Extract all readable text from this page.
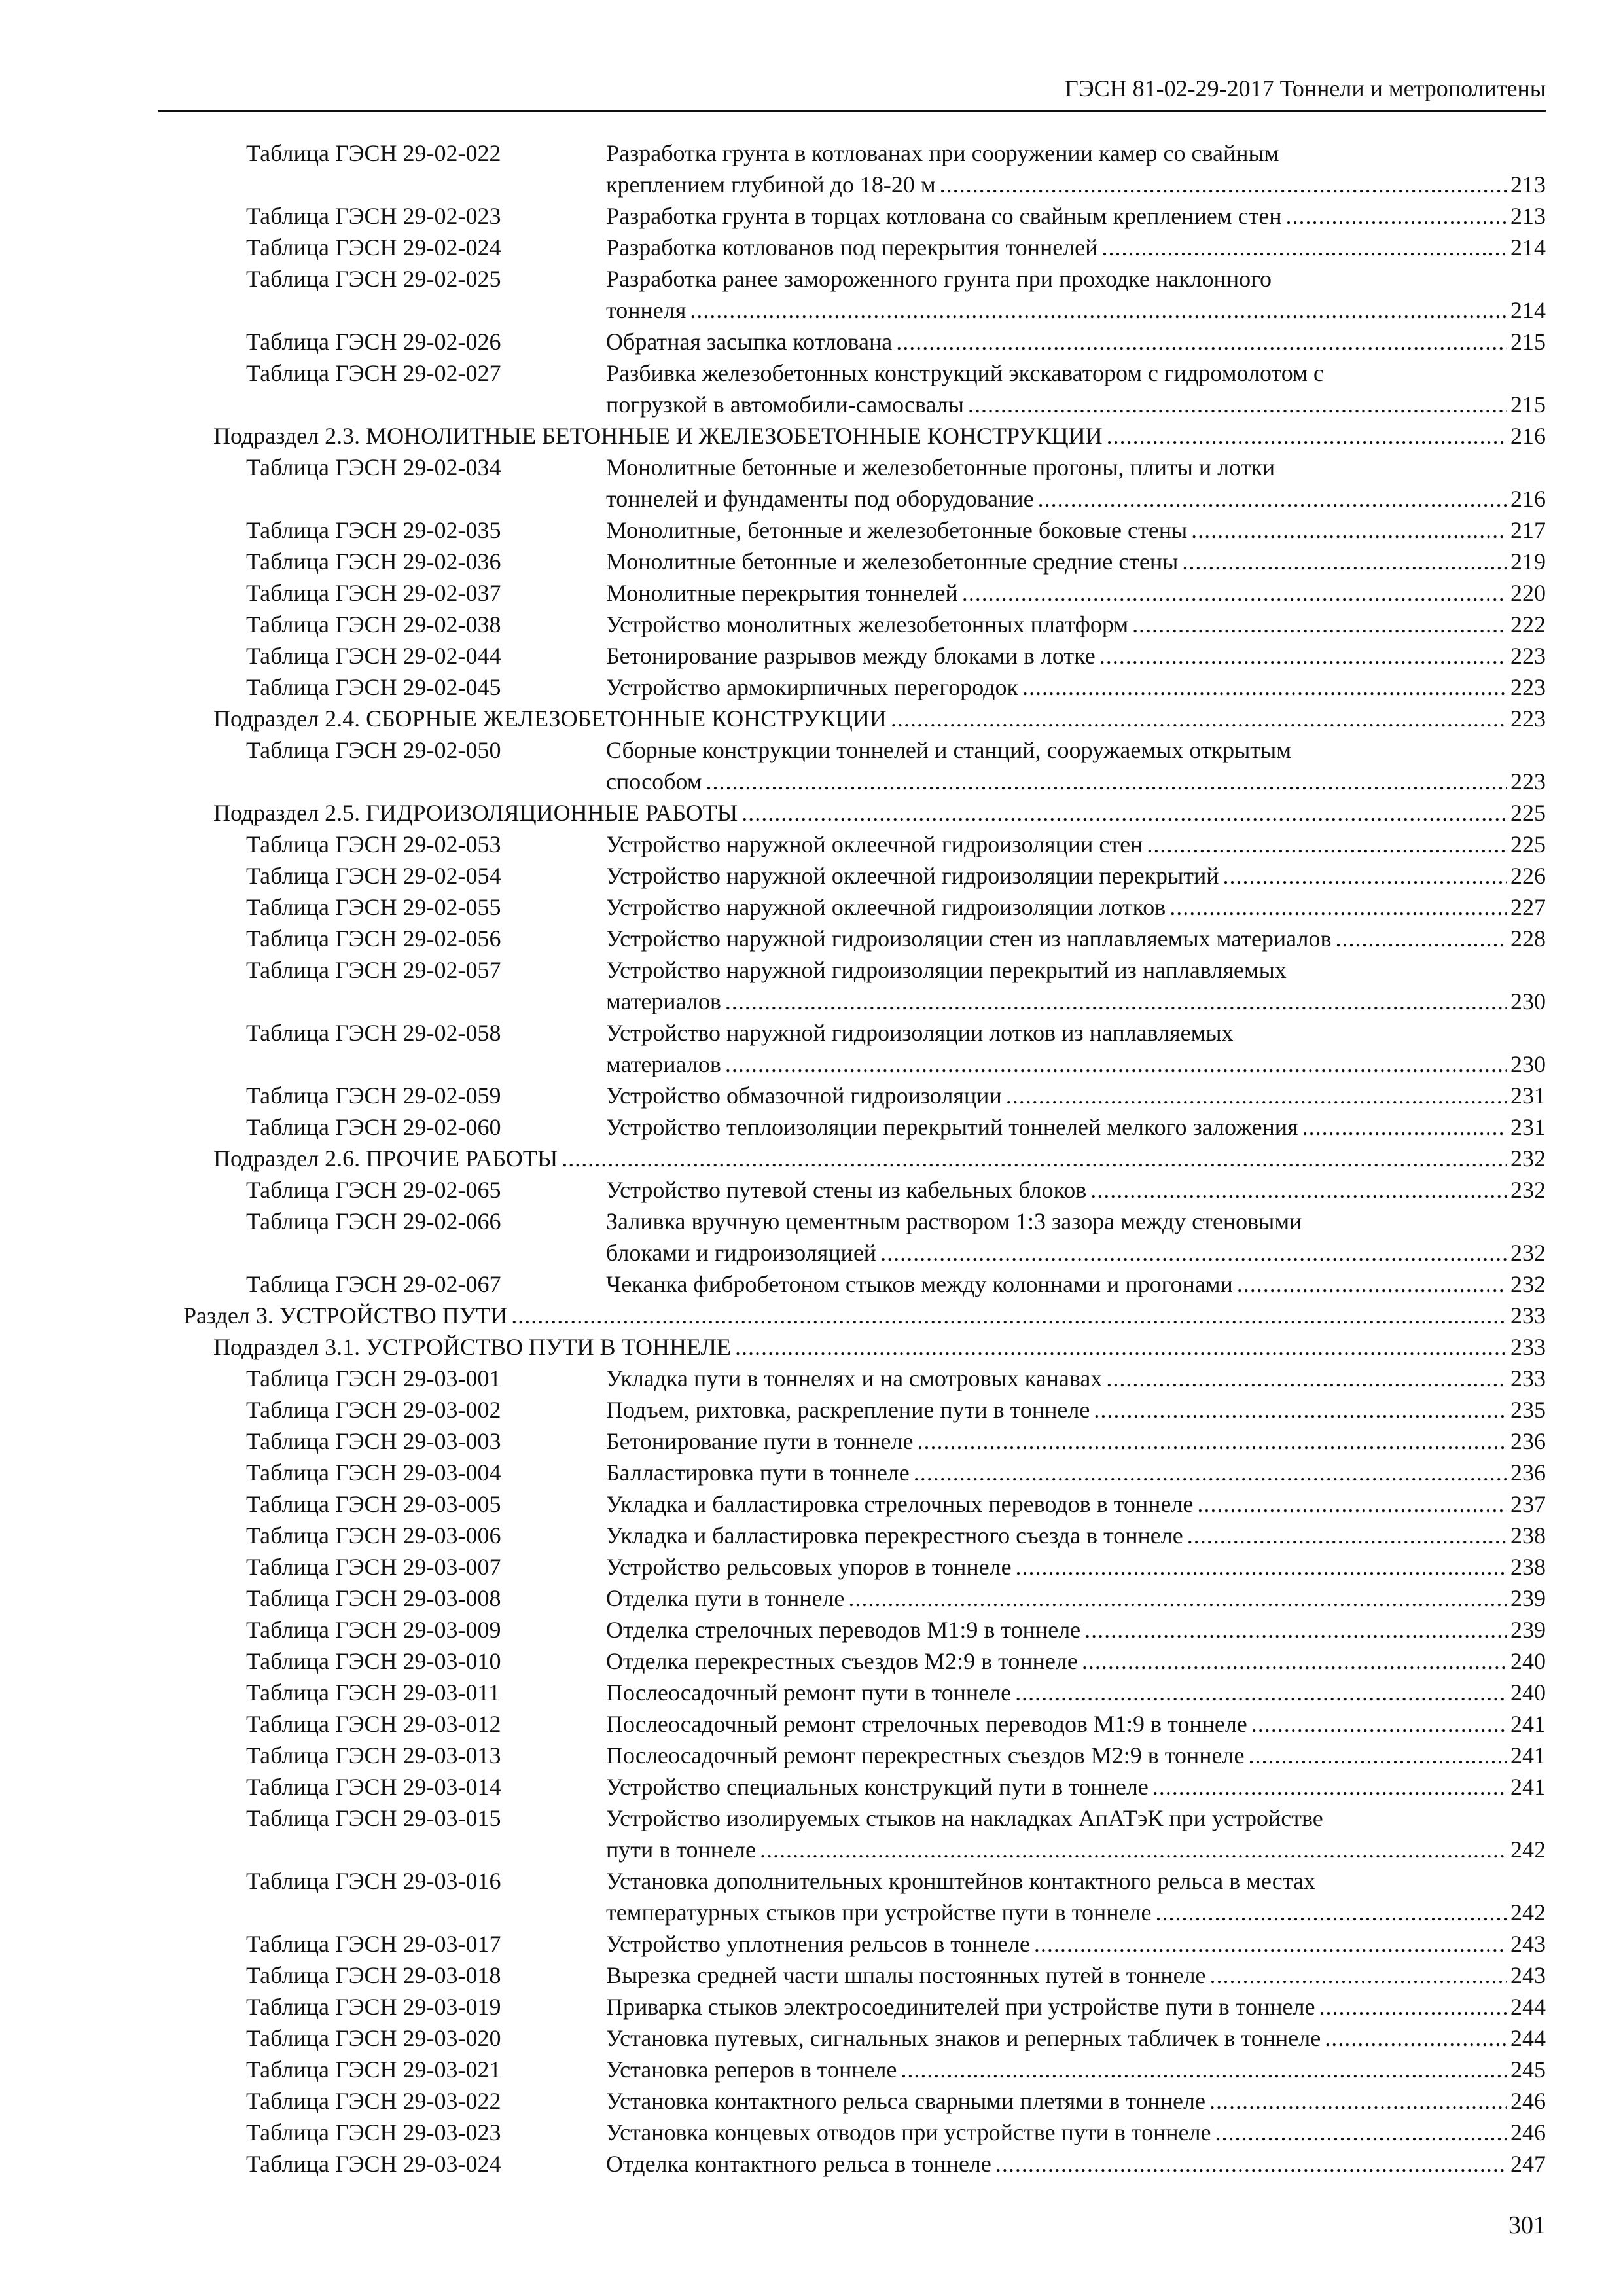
ГЭСН 81-02-29-2017 Тоннели и метрополитены
Таблица ГЭСН 29-02-022	Разработка грунта в котлованах при сооружении камер со свайным
креплением глубиной до 18-20 м .....	213
Таблица ГЭСН 29-02-023	Разработка грунта в торцах котлована со свайным креплением стен .....	213
Таблица ГЭСН 29-02-024	Разработка котлованов под перекрытия тоннелей .....	214
Таблица ГЭСН 29-02-025	Разработка ранее замороженного грунта при проходке наклонного
тоннеля .....	214
Таблица ГЭСН 29-02-026	Обратная засыпка котлована .....	215
Таблица ГЭСН 29-02-027	Разбивка железобетонных конструкций экскаватором с гидромолотом с
погрузкой в автомобили-самосвалы .....	215
Подраздел 2.3. МОНОЛИТНЫЕ БЕТОННЫЕ И ЖЕЛЕЗОБЕТОННЫЕ КОНСТРУКЦИИ .....	216
Таблица ГЭСН 29-02-034	Монолитные бетонные и железобетонные прогоны, плиты и лотки
тоннелей и фундаменты под оборудование .....	216
Таблица ГЭСН 29-02-035	Монолитные, бетонные и железобетонные боковые стены .....	217
Таблица ГЭСН 29-02-036	Монолитные бетонные и железобетонные средние стены .....	219
Таблица ГЭСН 29-02-037	Монолитные перекрытия тоннелей .....	220
Таблица ГЭСН 29-02-038	Устройство монолитных железобетонных платформ .....	222
Таблица ГЭСН 29-02-044	Бетонирование разрывов между блоками в лотке .....	223
Таблица ГЭСН 29-02-045	Устройство армокирпичных перегородок .....	223
Подраздел 2.4. СБОРНЫЕ ЖЕЛЕЗОБЕТОННЫЕ КОНСТРУКЦИИ .....	223
Таблица ГЭСН 29-02-050	Сборные конструкции тоннелей и станций, сооружаемых открытым
способом .....	223
Подраздел 2.5. ГИДРОИЗОЛЯЦИОННЫЕ РАБОТЫ .....	225
Таблица ГЭСН 29-02-053	Устройство наружной оклеечной гидроизоляции стен .....	225
Таблица ГЭСН 29-02-054	Устройство наружной оклеечной гидроизоляции перекрытий .....	226
Таблица ГЭСН 29-02-055	Устройство наружной оклеечной гидроизоляции лотков .....	227
Таблица ГЭСН 29-02-056	Устройство наружной гидроизоляции стен из наплавляемых материалов .....	228
Таблица ГЭСН 29-02-057	Устройство наружной гидроизоляции перекрытий из наплавляемых
материалов .....	230
Таблица ГЭСН 29-02-058	Устройство наружной гидроизоляции лотков из наплавляемых
материалов .....	230
Таблица ГЭСН 29-02-059	Устройство обмазочной гидроизоляции .....	231
Таблица ГЭСН 29-02-060	Устройство теплоизоляции перекрытий тоннелей мелкого заложения .....	231
Подраздел 2.6. ПРОЧИЕ РАБОТЫ .....	232
Таблица ГЭСН 29-02-065	Устройство путевой стены из кабельных блоков .....	232
Таблица ГЭСН 29-02-066	Заливка вручную цементным раствором 1:3 зазора между стеновыми
блоками и гидроизоляцией .....	232
Таблица ГЭСН 29-02-067	Чеканка фибробетоном стыков между колоннами и прогонами .....	232
Раздел 3. УСТРОЙСТВО ПУТИ .....	233
Подраздел 3.1. УСТРОЙСТВО ПУТИ В ТОННЕЛЕ .....	233
Таблица ГЭСН 29-03-001	Укладка пути в тоннелях и на смотровых канавах .....	233
Таблица ГЭСН 29-03-002	Подъем, рихтовка, раскрепление пути в тоннеле .....	235
Таблица ГЭСН 29-03-003	Бетонирование пути в тоннеле .....	236
Таблица ГЭСН 29-03-004	Балластировка пути в тоннеле .....	236
Таблица ГЭСН 29-03-005	Укладка и балластировка стрелочных переводов в тоннеле .....	237
Таблица ГЭСН 29-03-006	Укладка и балластировка перекрестного съезда в тоннеле .....	238
Таблица ГЭСН 29-03-007	Устройство рельсовых упоров в тоннеле .....	238
Таблица ГЭСН 29-03-008	Отделка пути в тоннеле .....	239
Таблица ГЭСН 29-03-009	Отделка стрелочных переводов М1:9 в тоннеле .....	239
Таблица ГЭСН 29-03-010	Отделка перекрестных съездов М2:9 в тоннеле .....	240
Таблица ГЭСН 29-03-011	Послеосадочный ремонт пути в тоннеле .....	240
Таблица ГЭСН 29-03-012	Послеосадочный ремонт стрелочных переводов М1:9 в тоннеле .....	241
Таблица ГЭСН 29-03-013	Послеосадочный ремонт перекрестных съездов М2:9 в тоннеле .....	241
Таблица ГЭСН 29-03-014	Устройство специальных конструкций пути в тоннеле .....	241
Таблица ГЭСН 29-03-015	Устройство изолируемых стыков на накладках АпАТэК при устройстве
пути в тоннеле .....	242
Таблица ГЭСН 29-03-016	Установка дополнительных кронштейнов контактного рельса в местах
температурных стыков при устройстве пути в тоннеле .....	242
Таблица ГЭСН 29-03-017	Устройство уплотнения рельсов в тоннеле .....	243
Таблица ГЭСН 29-03-018	Вырезка средней части шпалы постоянных путей в тоннеле .....	243
Таблица ГЭСН 29-03-019	Приварка стыков электросоединителей при устройстве пути в тоннеле .....	244
Таблица ГЭСН 29-03-020	Установка путевых, сигнальных знаков и реперных табличек в тоннеле .....	244
Таблица ГЭСН 29-03-021	Установка реперов в тоннеле .....	245
Таблица ГЭСН 29-03-022	Установка контактного рельса сварными плетями в тоннеле .....	246
Таблица ГЭСН 29-03-023	Установка концевых отводов при устройстве пути в тоннеле .....	246
Таблица ГЭСН 29-03-024	Отделка контактного рельса в тоннеле .....	247
301
